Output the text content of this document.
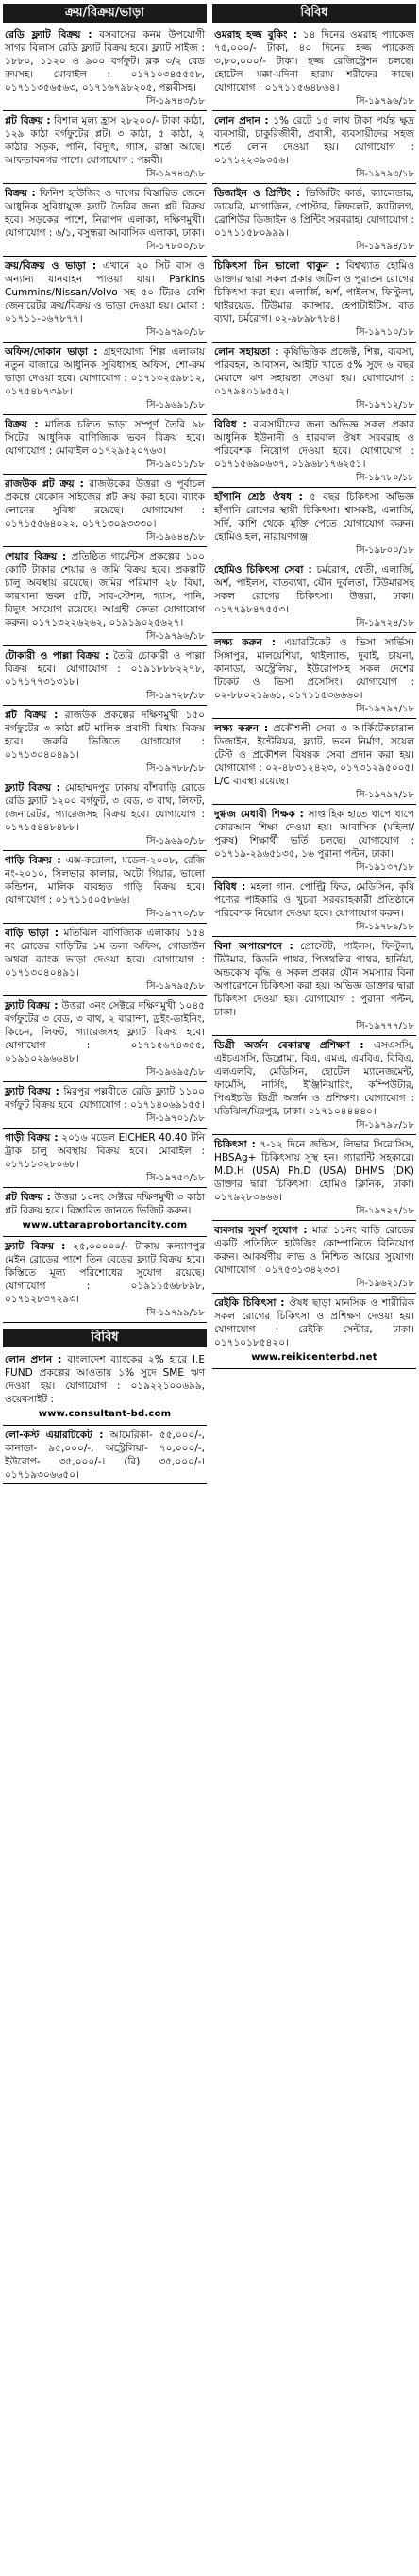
ক্রয়/বিক্রয়/ভাড়া
রেডি ফ্ল্যাট বিক্রয় : বসবাসের কনম উপযোগী সাগর বিলাস রেডি ফ্ল্যাট বিক্রয় হবে। ফ্ল্যাট সাইজ : ১৮৮০, ১১২০ ও ৯০০ বর্গফুট। ব্লক ৩/২ বেড রুমসহ। মোবাইল : ০১৭১০৩৪৫৫৫৮, ০১৭১১৩৫৬৫৬৩, ০১৭১৬৭৯৮২০৫, পল্লবীসহ।
সি-১৯৭৪৩/১৮
প্লট বিক্রয় : বিশাল মূল্য হ্রাস ২৮২০০/- টাকা কাঠা, ১২৯ কাঠা বর্গফুটের প্লট। ৩ কাঠা, ৫ কাঠা, ২ কাঠার সড়ক, পানি, বিদ্যুৎ, গ্যাস, রাস্তা আছে। আফতাবনগর পাশে। যোগাযোগ : পল্লবী।
সি-১৯৭৪৩/১৮
বিক্রয় : ফিনিশ হাউজিং ও দাগের বিস্তারিত জেনে আধুনিক সুবিধাযুক্ত ফ্ল্যাট তৈরির জন্য প্লট বিক্রয় হবে। সড়কের পাশে, নিরাপদ এলাকা, দক্ষিণমুখী। যোগাযোগ : ৬/১, বসুন্ধরা আবাসিক এলাকা, ঢাকা।
সি-১৭৮০০/১৮
ক্রয়/বিক্রয় ও ভাড়া : এখানে ২০ সিট বাস ও অন্যান্য যানবাহন পাওয়া যায়। Parkins Cummins/Nissan/Volvo সহ ৫০ টিরও বেশি জেনারেটর ক্রয়/বিক্রয় ও ভাড়া দেওয়া হয়। মোবা : ০১৭১১-০৬৭৮৭৭।
সি-১৯৭৯০/১৮
অফিস/দোকান ভাড়া : গ্রহণযোগ্য শিল্প এলাকায় নতুন বাজারে আধুনিক সুবিধাসহ অফিস, শো-রুম ভাড়া দেওয়া হবে। যোগাযোগ : ০১৭১৩২৫৯৮১২, ০১৭৫৪৮৭৩৯৮।
সি-১৯৬৯১/১৮
বিক্রয় : মালিক চলিত ভাড়া সম্পূর্ণ তৈরি ৯৮ সিটের আধুনিক বাণিজ্যিক ভবন বিক্রয় হবে। যোগাযোগ : মোবাইল ০১৭২৯৫২০৭৬৩।
সি-১৯০১১/১৮
রাজউক প্লট ক্রয় : রাজউকের উত্তরা ও পূর্বাচল প্রকল্পে যেকোন সাইজের প্লট ক্রয় করা হবে। ব্যাংক লোনের সুবিধা রয়েছে। যোগাযোগ : ০১৭১৫৫৬৪০২২, ০১৭১৩০৯৩৩৩০।
সি-১৯৬৪৪/১৮
শেয়ার বিক্রয় : প্রতিষ্ঠিত গার্মেন্টস প্রকল্পের ১০০ কোটি টাকার শেয়ার ও জমি বিক্রয় হবে। প্রকল্পটি চালু অবস্থায় রয়েছে। জমির পরিমাণ ২৮ বিঘা, কারখানা ভবন ৫টি, সাব-স্টেশন, গ্যাস, পানি, বিদ্যুৎ সংযোগ রয়েছে। আগ্রহী ক্রেতা যোগাযোগ করুন। ০১৭১৩২২৬২৬২, ০১৯১৯০২৫৬২৭।
সি-১৯৭৯৬/১৮
টোকারী ও পাল্লা বিক্রয় : তৈরি চোকারী ও পাল্লা বিক্রয় হবে। যোগাযোগ : ০১৯১৮৮৮২২৭৮, ০১৭১৭৭৩১৩১৮।
সি-১৯৭২৮/১৮
প্লট বিক্রয় : রাজউক প্রকল্পের দক্ষিণমুখী ১৫০ বর্গফুটের ৩ কাঠা প্লট মালিক প্রবাসী বিধায় বিক্রয় হবে। জরুরি ভিত্তিতে যোগাযোগ : ০১৭১৩০৪০৪৯১।
সি-১৯৭৮৮/১৮
ফ্ল্যাট বিক্রয় : মোহাম্মদপুর ঢাকায় বাঁশবাড়ি রোডে রেডি ফ্ল্যাট ১২০০ বর্গফুট, ৩ বেড, ৩ বাথ, লিফট, জেনারেটর, গ্যারেজসহ বিক্রয় হবে। যোগাযোগ : ০১৭১৫৪৪৮৪৮৮।
সি-১৯৬৯০/১৮
গাড়ি বিক্রয় : এক্স-করোলা, মডেল-২০০৮, রেজি নং-২০১০, সিলভার কালার, অটো গিয়ার, ভালো কন্ডিশন, মালিক ব্যবহৃত গাড়ি বিক্রয় হবে। যোগাযোগ : ০১৭১১৫০৫৮৬৬।
সি-১৯৭৭০/১৮
বাড়ি ভাড়া : মতিঝিল বাণিজ্যিক এলাকায় ১৫৪ নং রোডের বাড়িটির ১ম তলা অফিস, গোডাউন অথবা ব্যাংক ভাড়া দেওয়া হবে। যোগাযোগ : ০১৭১৩০৪০৪৯১।
সি-১৯৭৯৫/১৮
ফ্ল্যাট বিক্রয় : উত্তরা ৩নং সেক্টরে দক্ষিণমুখী ১০৪৫ বর্গফুটের ৩ বেড, ৩ বাথ, ২ বারান্দা, ড্রইং-ডাইনিং, কিচেন, লিফট, গ্যারেজসহ ফ্ল্যাট বিক্রয় হবে। যোগাযোগ : ০১৭১৫৬৭৪৩৫৫, ০১৯১০২৯৬৬৪৮।
সি-১৯৬৯৫/১৮
ফ্ল্যাট বিক্রয় : মিরপুর পল্লবীতে রেডি ফ্ল্যাট ১১০০ বর্গফুট বিক্রয় হবে। যোগাযোগ : ০১৭১৪০৬৯১৫৫।
সি-১৯৭০১/১৮
গাড়ী বিক্রয় : ২০১৬ মডেল EICHER 40.40 টনি ট্রাক চালু অবস্থায় বিক্রয় হবে। মোবাইল : ০১৭১১৩২৮০৬৮।
সি-১৯৭৫০/১৮
প্লট বিক্রয় : উত্তরা ১০নং সেক্টরে দক্ষিণমুখী ৩ কাঠা প্লট বিক্রয় হবে। বিস্তারিত জানতে ভিজিট করুন।
www.uttaraprobortancity.com
ফ্ল্যাট বিক্রয় : ২৫,০০০০০/- টাকায় কল্যাণপুর মেইন রোডের পাশে তিন বেডের ফ্ল্যাট বিক্রয় হবে। কিস্তিতে মূল্য পরিশোধের সুযোগ রয়েছে। যোগাযোগ : ০১৯১১৫৬৮৮৯৮, ০১৭১২৮৩৭২৯৩।
সি-১৯৭৯৯/১৮
বিবিধ
লোন প্রদান : বাংলাদেশ ব্যাংকের ২% হারে I.E FUND প্রকল্পের আওতায় ১% সুদে SME ঋণ দেওয়া হয়। যোগাযোগ : ০১৯২২১০০৬৯৯, ওয়েবসাইট :
www.consultant-bd.com
লো-কস্ট এয়ারটিকেট : আমেরিকা- ৫৫,০০০/-, কানাডা- ৯৫,০০০/-, অস্ট্রেলিয়া- ৭০,০০০/-, ইউরোপ- ৩৫,০০০/-। (রি) ৩৫,০০০/-। ০১৭১৯৩০৬৬৫০।
বিবিধ
ওমরাহ হজ্জ বুকিং : ১৪ দিনের ওমরাহ প্যাকেজ ৭৫,০০০/- টাকা, ৪০ দিনের হজ্জ প্যাকেজ ৩,৮০,০০০/- টাকা। হজ্জ রেজিস্ট্রেশন চলছে। হোটেল মক্কা-মদিনা হারাম শরীফের কাছে। যোগাযোগ : ০১৭১১৫৬৪৮৬৪।
সি-১৯৭৯৬/১৮
লোন প্রদান : ১% রেটে ১৫ লাখ টাকা পর্যন্ত ক্ষুদ্র ব্যবসায়ী, চাকুরিজীবী, প্রবাসী, ব্যবসায়ীদের সহজ শর্তে লোন দেওয়া হয়। যোগাযোগ : ০১৭১২২৩৯৩৫৬।
সি-১৯৭৯৩/১৮
ডিজাইন ও প্রিন্টিং : ভিজিটিং কার্ড, ক্যালেন্ডার, ডায়েরি, ম্যাগাজিন, পোস্টার, লিফলেট, ক্যাটালগ, ব্রোশিউর ডিজাইন ও প্রিন্টিং সরবরাহ। যোগাযোগ : ০১৭১১৫৮০৯৯৯।
সি-১৯৭৯৪/১৮
চিকিৎসা চিন ভালো থাকুন : বিশ্বখ্যাত হোমিও ডাক্তার দ্বারা সকল প্রকার জটিল ও পুরাতন রোগের চিকিৎসা করা হয়। এলার্জি, অর্শ, পাইলস, ফিস্টুলা, থাইরয়েড, টিউমার, ক্যান্সার, হেপাটাইটিস, বাত ব্যথা, চর্মরোগ। ০২-৯৮৯৮৭৮৪।
সি-১৯৭১০/১৮
লোন সহায়তা : কৃষিভিত্তিক প্রজেক্ট, শিল্প, ব্যবসা, পরিবহন, আবাসন, আইটি খাতে ৫% সুদে ৬ বছর মেয়াদে ঋণ সহায়তা দেওয়া হয়। যোগাযোগ : ০১৭৯৪০১৬৫৫২।
সি-১৯৭১২/১৮
বিবিধ : ব্যবসায়ীদের জন্য অভিজ্ঞ সকল প্রকার আধুনিক ইউনানী ও হারবাল ঔষধ সরবরাহ ও পরিবেশক নিয়োগ দেওয়া হবে। যোগাযোগ : ০১৭১৫৬৯০৬৩৭, ০১৯৬৮১৭৬২৫১।
সি-১৯৭৮০/১৮
হাঁপানি শ্রেষ্ঠ ঔষধ : ৫ বছর চিকিৎসা অভিজ্ঞ হাঁপানি রোগের স্থায়ী চিকিৎসা। শ্বাসকষ্ট, এলার্জি, সর্দি, কাশি থেকে মুক্তি পেতে যোগাযোগ করুন। হোমিও হল, নারায়ণগঞ্জ।
সি-১৯৮০০/১৮
হোমিও চিকিৎসা সেবা : চর্মরোগ, শ্বেতী, এলার্জি, অর্শ, পাইলস, বাতব্যথা, যৌন দুর্বলতা, টিউমারসহ সকল রোগের চিকিৎসা। উত্তরা, ঢাকা। ০১৭৭৯৮৪৭৫৫৩।
সি-১৯৭২৪/১৮
লক্ষ্য করুন : এয়ারটিকেট ও ভিসা সার্ভিস। সিঙ্গাপুর, মালয়েশিয়া, থাইল্যান্ড, দুবাই, চায়না, কানাডা, অস্ট্রেলিয়া, ইউরোপসহ সকল দেশের টিকেট ও ভিসা প্রসেসিং। যোগাযোগ : ০২-৮৮০২১৯৬১, ০১৭১১৫৩৬৬৬০।
সি-১৯৭৯৭/১৮
লক্ষ্য করুন : প্রকৌশলী সেবা ও আর্কিটেকচারাল ডিজাইন, ইন্টেরিয়র, ফ্ল্যাট, ভবন নির্মাণ, সয়েল টেস্ট ও প্রকৌশল বিষয়ক সেবা প্রদান করা হয়। যোগাযোগ : ০২-৪৮৩১২৪২৩, ০১৭৩১২৯৫০০৫। L/C ব্যবস্থা রয়েছে।
সি-১৯৭৯৭/১৮
দুগ্ধজ মেধাবী শিক্ষক : সাপ্তাহিক হাতে ধাপে ধাপে কোরআন শিক্ষা দেওয়া হয়। আবাসিক (মহিলা/পুরুষ) শিক্ষার্থী ভর্তি চলছে। যোগাযোগ : ০১৭১৯-২৯৬৫১৩৫, ১৬ পুরানা পল্টন, ঢাকা।
সি-১৯১৩৭/১৮
বিবিধ : মহলা গান, পোল্ট্রি ফিড, মেডিসিন, কৃষি পণ্যের পাইকারি ও খুচরা সরবরাহকারী প্রতিষ্ঠানে পরিবেশক নিয়োগ দেওয়া হবে। যোগাযোগ করুন।
সি-১৯৭৮৯/১৮
বিনা অপারেশনে : প্রোস্টেট, পাইলস, ফিস্টুলা, টিউমার, কিডনি পাথর, পিত্তথলির পাথর, হার্নিয়া, অন্ডকোষ বৃদ্ধি ও সকল প্রকার যৌন সমস্যার বিনা অপারেশনে চিকিৎসা করা হয়। অভিজ্ঞ ডাক্তার দ্বারা চিকিৎসা দেওয়া হয়। যোগাযোগ : পুরানা পল্টন, ঢাকা।
সি-১৯৭৭৭/১৮
ডিগ্রী অর্জন বেকারত্ব প্রশিক্ষণ : এসএসসি, এইচএসসি, ডিপ্লোমা, বিএ, এমএ, এমবিএ, বিবিএ, এলএলবি, মেডিসিন, হোটেল ম্যানেজমেন্ট, ফার্মেসি, নার্সিং, ইঞ্জিনিয়ারিং, কম্পিউটার, পিএইচডি ডিগ্রী অর্জন ও প্রশিক্ষণ। যোগাযোগ : মতিঝিল/মিরপুর, ঢাকা। ০১৭১০৪৪৪৪০।
সি-১৯৭৯৮/১৮
চিকিৎসা : ৭-১২ দিনে জন্ডিস, লিভার সিরোসিস, HBSAg+ চিকিৎসায় সুস্থ হন। গ্যারান্টি সহকারে। M.D.H (USA) Ph.D (USA) DHMS (DK) ডাক্তার দ্বারা চিকিৎসা। হোমিও ক্লিনিক, ঢাকা। ০১৭৯২৮৩৬৬৬।
সি-১৯৭২৭/১৮
ব্যবসার সুবর্ণ সুযোগ : মাত্র ১১নং বাড়ি রোডের একটি প্রতিষ্ঠিত হাউজিং কোম্পানিতে বিনিয়োগ করুন। আকর্ষণীয় লাভ ও নিশ্চিত আয়ের সুযোগ। যোগাযোগ : ০১৭৫৩১৩৪২৩৩।
সি-১৯৬২১/১৮
রেইকি চিকিৎসা : ঔষধ ছাড়া মানসিক ও শারীরিক সকল রোগের চিকিৎসা ও প্রশিক্ষণ দেওয়া হয়। যোগাযোগ : রেইকি সেন্টার, ঢাকা। ০১৭১০১৮৫৪২০।
www.reikicenterbd.net
